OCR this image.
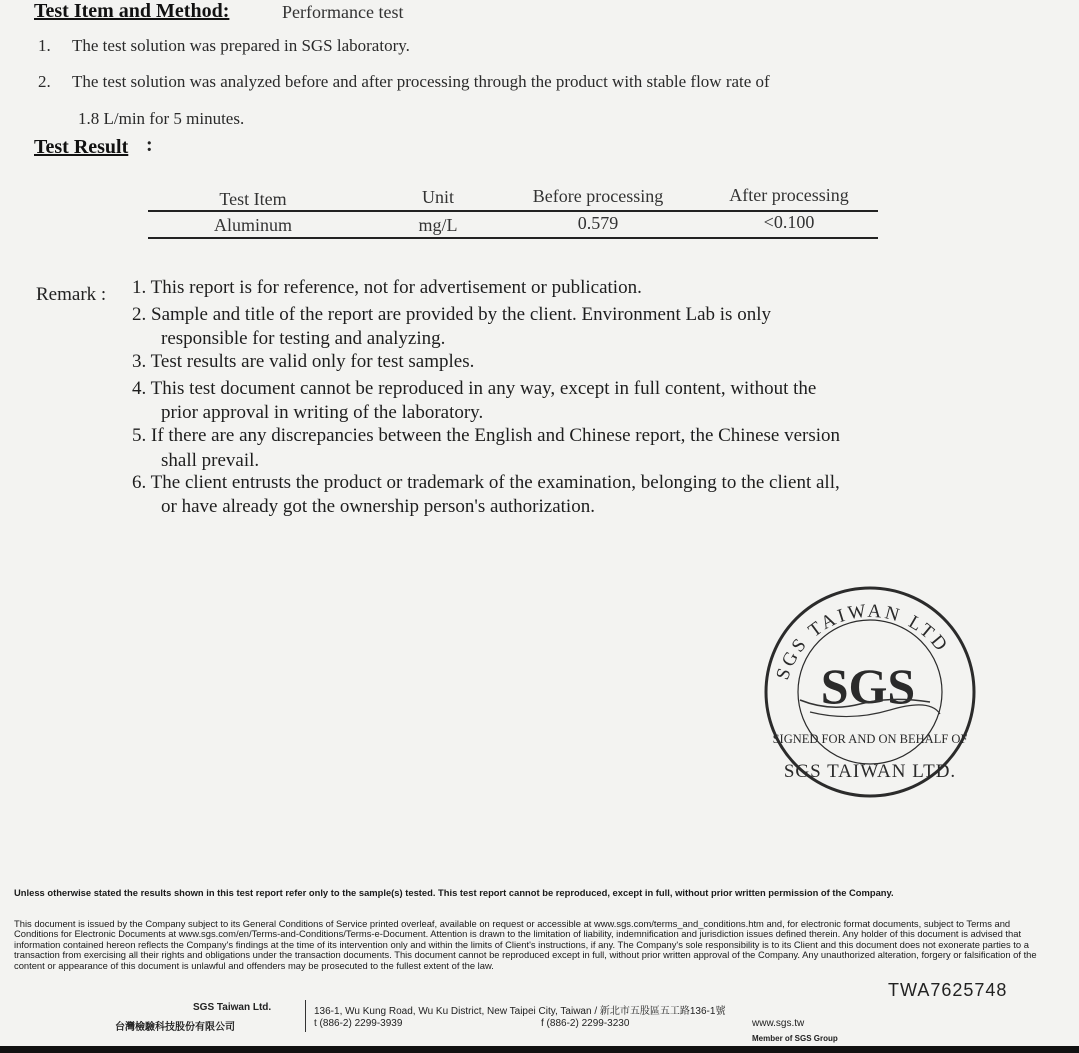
Test Item and Method:	Performance test
1. The test solution was prepared in SGS laboratory.
2. The test solution was analyzed before and after processing through the product with stable flow rate of
1.8 L/min for 5 minutes.
Test Result :
Test Item	Unit	Before processing	After processing
Aluminum	mg/L	0.579	<0.100
Remark : 1. This report is for reference, not for advertisement or publication.
2. Sample and title of the report are provided by the client. Environment Lab is only
responsible for testing and analyzing.
3. Test results are valid only for test samples.
4. This test document cannot be reproduced in any way, except in full content, without the
prior approval in writing of the laboratory.
5. If there are any discrepancies between the English and Chinese report, the Chinese version
shall prevail.
6. The client entrusts the product or trademark of the examination, belonging to the client all,
or have already got the ownership person's authorization.
SGS TAIWAN LTD
SGS
SIGNED FOR AND ON BEHALF OF
SGS TAIWAN LTD.
Unless otherwise stated the results shown in this test report refer only to the sample(s) tested. This test report cannot be reproduced, except in full, without prior written permission of the Company.
This document is issued by the Company subject to its General Conditions of Service printed overleaf, available on request or accessible at www.sgs.com/terms_and_conditions.htm and, for electronic format documents, subject to Terms and Conditions for Electronic Documents at www.sgs.com/en/Terms-and-Conditions/Terms-e-Document. Attention is drawn to the limitation of liability, indemnification and jurisdiction issues defined therein. Any holder of this document is advised that information contained hereon reflects the Company's findings at the time of its intervention only and within the limits of Client's instructions, if any. The Company's sole responsibility is to its Client and this document does not exonerate parties to a transaction from exercising all their rights and obligations under the transaction documents. This document cannot be reproduced except in full, without prior written approval of the Company. Any unauthorized alteration, forgery or falsification of the content or appearance of this document is unlawful and offenders may be prosecuted to the fullest extent of the law.
TWA7625748
SGS Taiwan Ltd.
台灣檢驗科技股份有限公司
136-1, Wu Kung Road, Wu Ku District, New Taipei City, Taiwan / 新北市五股區五工路136-1號
t (886-2) 2299-3939	f (886-2) 2299-3230	www.sgs.tw
Member of SGS Group
